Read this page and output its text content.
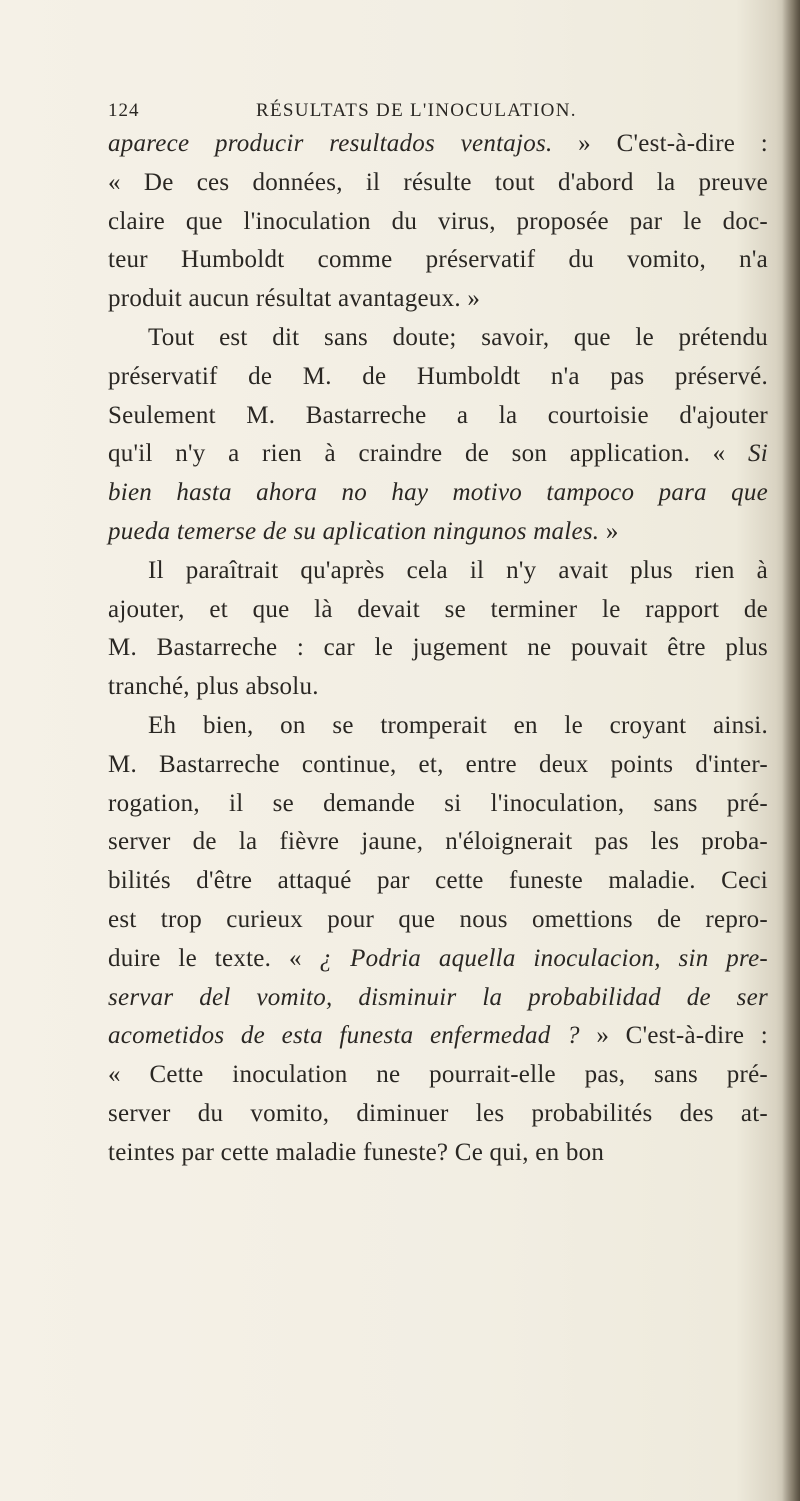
124	RÉSULTATS DE L'INOCULATION.
aparece producir resultados ventajos. » C'est-à-dire :
« De ces données, il résulte tout d'abord la preuve
claire que l'inoculation du virus, proposée par le doc-
teur Humboldt comme préservatif du vomito, n'a
produit aucun résultat avantageux. »
Tout est dit sans doute; savoir, que le prétendu
préservatif de M. de Humboldt n'a pas préservé.
Seulement M. Bastarreche a la courtoisie d'ajouter
qu'il n'y a rien à craindre de son application. « Si
bien hasta ahora no hay motivo tampoco para que
pueda temerse de su aplication ningunos males. »
Il paraîtrait qu'après cela il n'y avait plus rien à
ajouter, et que là devait se terminer le rapport de
M. Bastarreche : car le jugement ne pouvait être plus
tranché, plus absolu.
Eh bien, on se tromperait en le croyant ainsi.
M. Bastarreche continue, et, entre deux points d'inter-
rogation, il se demande si l'inoculation, sans pré-
server de la fièvre jaune, n'éloignerait pas les proba-
bilités d'être attaqué par cette funeste maladie. Ceci
est trop curieux pour que nous omettions de repro-
duire le texte. « ¿ Podria aquella inoculacion, sin pre-
servar del vomito, disminuir la probabilidad de ser
acometidos de esta funesta enfermedad ? » C'est-à-dire :
« Cette inoculation ne pourrait-elle pas, sans pré-
server du vomito, diminuer les probabilités des at-
teintes par cette maladie funeste? Ce qui, en bon
